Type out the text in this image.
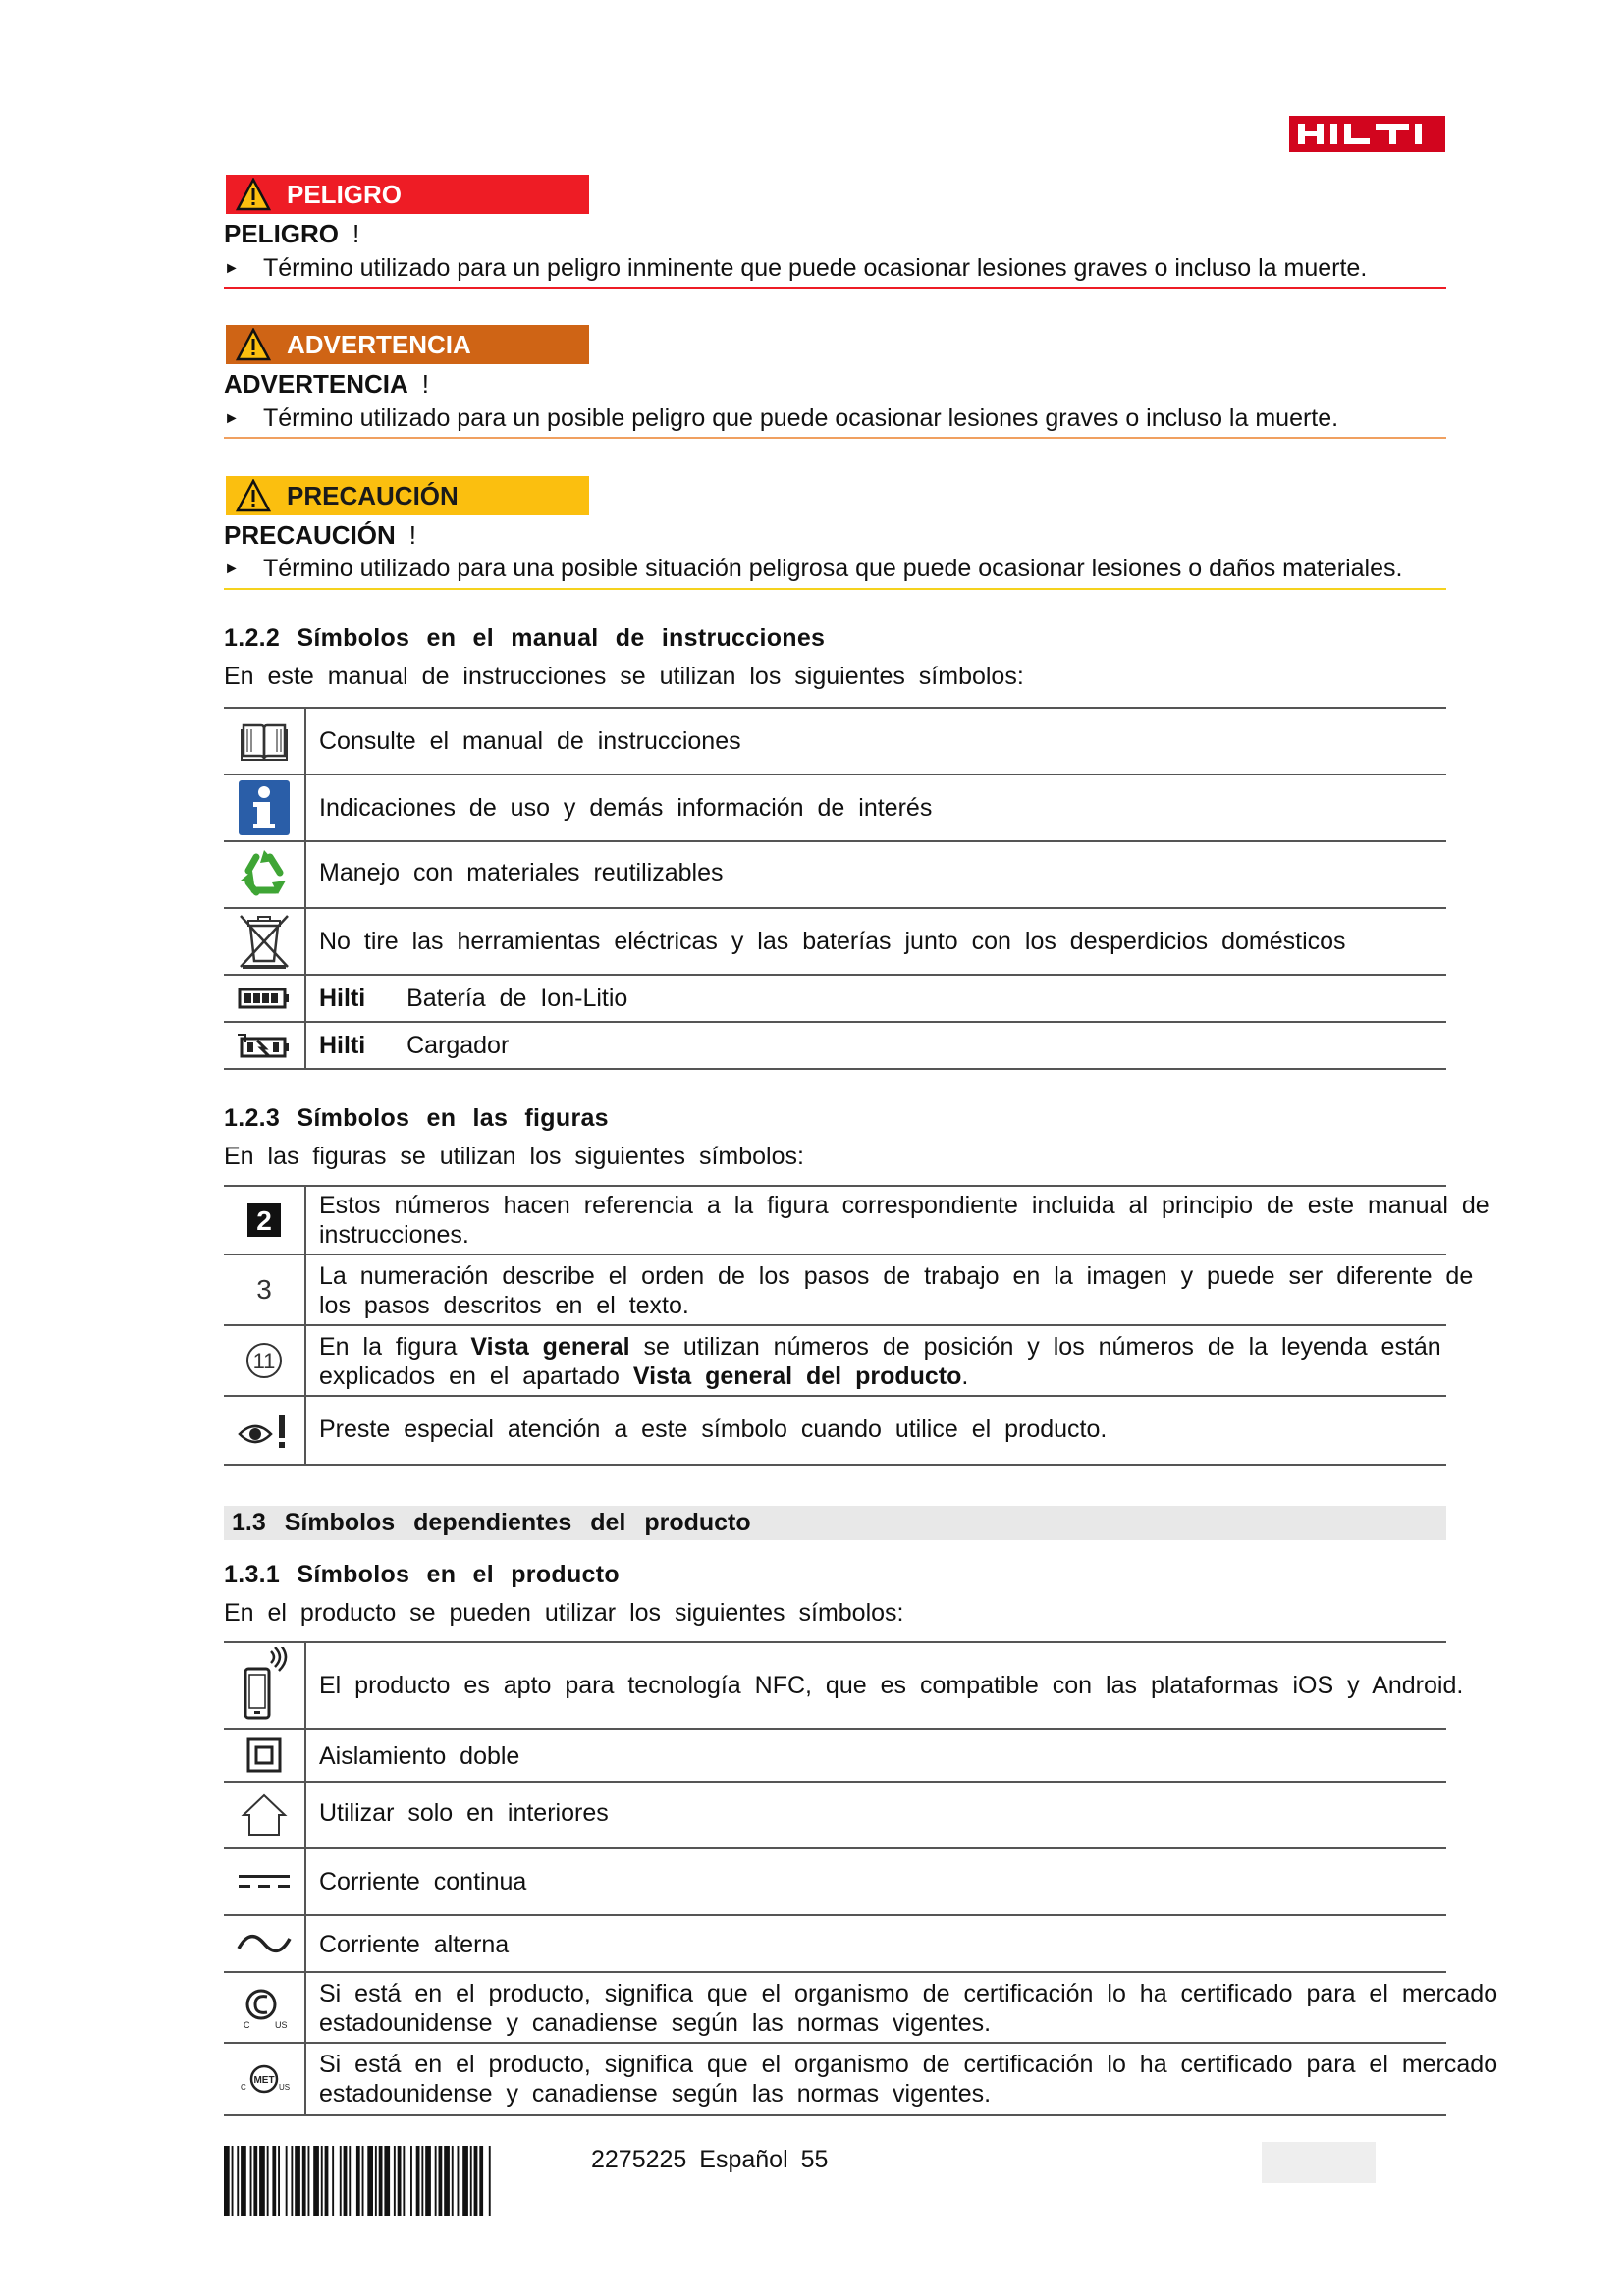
PELIGRO
PELIGRO !
► Término utilizado para un peligro inminente que puede ocasionar lesiones graves o incluso la muerte.
ADVERTENCIA
ADVERTENCIA !
► Término utilizado para un posible peligro que puede ocasionar lesiones graves o incluso la muerte.
PRECAUCIÓN
PRECAUCIÓN !
► Término utilizado para una posible situación peligrosa que puede ocasionar lesiones o daños materiales.
1.2.2 Símbolos en el manual de instrucciones
En este manual de instrucciones se utilizan los siguientes símbolos:
Consulte el manual de instrucciones
Indicaciones de uso y demás información de interés
Manejo con materiales reutilizables
No tire las herramientas eléctricas y las baterías junto con los desperdicios domésticos
Hilti Batería de Ion-Litio
Hilti Cargador
1.2.3 Símbolos en las figuras
En las figuras se utilizan los siguientes símbolos:
2 Estos números hacen referencia a la figura correspondiente incluida al principio de este manual de instrucciones.
3 La numeración describe el orden de los pasos de trabajo en la imagen y puede ser diferente de los pasos descritos en el texto.
11
En la figura Vista general se utilizan números de posición y los números de la leyenda están explicados en el apartado Vista general del producto.
Preste especial atención a este símbolo cuando utilice el producto.
1.3 Símbolos dependientes del producto
1.3.1 Símbolos en el producto
En el producto se pueden utilizar los siguientes símbolos:
El producto es apto para tecnología NFC, que es compatible con las plataformas iOS y Android.
Aislamiento doble
Utilizar solo en interiores
Corriente continua
Corriente alterna
C	US
Si está en el producto, significa que el organismo de certificación lo ha certificado para el mercado estadounidense y canadiense según las normas vigentes.
MET
C	US
Si está en el producto, significa que el organismo de certificación lo ha certificado para el mercado estadounidense y canadiense según las normas vigentes.
2275225 Español 55
